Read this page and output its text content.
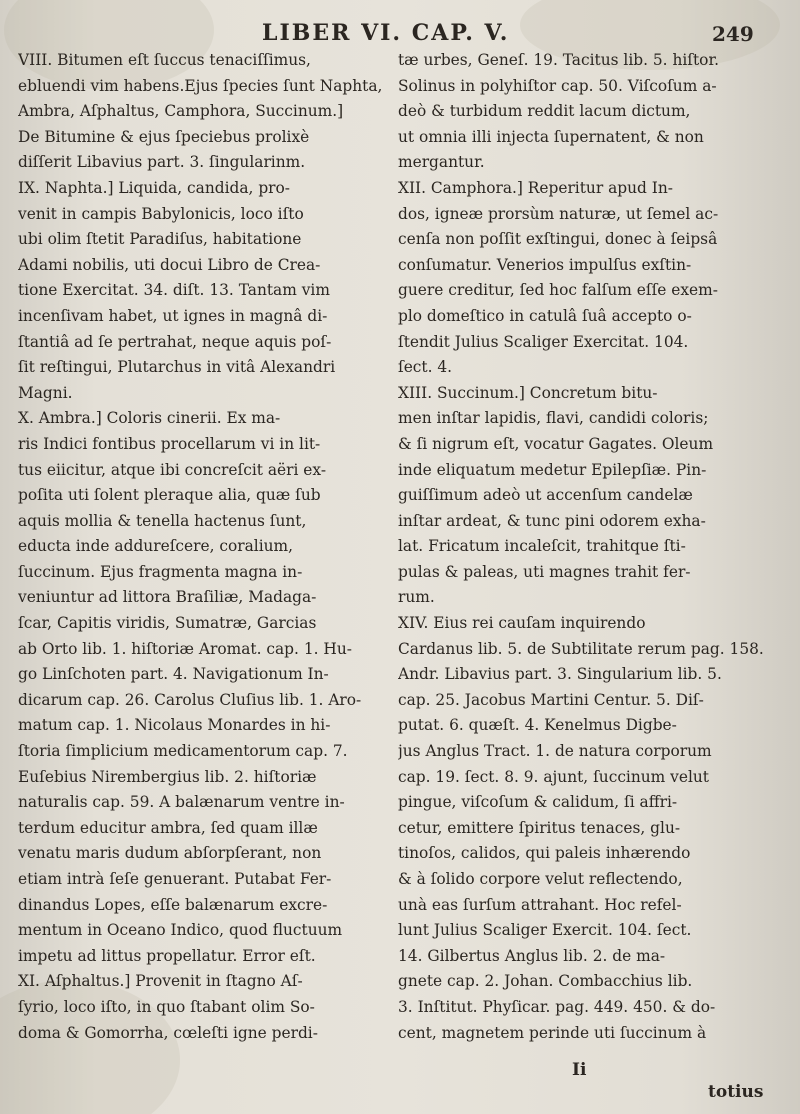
LIBER VI. CAP. V.	249
VIII. Bitumen eſt ſuccus tenaciſſimus,
ebluendi vim habens.Ejus ſpecies ſunt Naphta,
Ambra, Aſphaltus, Camphora, Succinum.]
De Bitumine & ejus ſpeciebus prolixè
diſſerit Libavius part. 3. ſingularinm.
IX. Naphta.] Liquida, candida, pro-
venit in campis Babylonicis, loco iſto
ubi olim ſtetit Paradiſus, habitatione
Adami nobilis, uti docui Libro de Crea-
tione Exercitat. 34. diſt. 13. Tantam vim
incenſivam habet, ut ignes in magnâ di-
ſtantiâ ad ſe pertrahat, neque aquis poſ-
ſit reſtingui, Plutarchus in vitâ Alexandri
Magni.
X. Ambra.] Coloris cinerii. Ex ma-
ris Indici fontibus procellarum vi in lit-
tus eiicitur, atque ibi concreſcit aëri ex-
poſita uti ſolent pleraque alia, quæ ſub
aquis mollia & tenella hactenus ſunt,
educta inde addureſcere, coralium,
ſuccinum. Ejus fragmenta magna in-
veniuntur ad littora Braſiliæ, Madaga-
ſcar, Capitis viridis, Sumatræ, Garcias
ab Orto lib. 1. hiſtoriæ Aromat. cap. 1. Hu-
go Linſchoten part. 4. Navigationum In-
dicarum cap. 26. Carolus Cluſius lib. 1. Aro-
matum cap. 1. Nicolaus Monardes in hi-
ſtoria ſimplicium medicamentorum cap. 7.
Euſebius Nirembergius lib. 2. hiſtoriæ
naturalis cap. 59. A balænarum ventre in-
terdum educitur ambra, ſed quam illæ
venatu maris dudum abſorpſerant, non
etiam intrà ſeſe genuerant. Putabat Fer-
dinandus Lopes, eſſe balænarum excre-
mentum in Oceano Indico, quod fluctuum
impetu ad littus propellatur. Error eſt.
XI. Aſphaltus.] Provenit in ſtagno Aſ-
ſyrio, loco iſto, in quo ſtabant olim So-
doma & Gomorrha, cœleſti igne perdi-
tæ urbes, Geneſ. 19. Tacitus lib. 5. hiſtor.
Solinus in polyhiſtor cap. 50. Viſcoſum a-
deò & turbidum reddit lacum dictum,
ut omnia illi injecta ſupernatent, & non
mergantur.
XII. Camphora.] Reperitur apud In-
dos, igneæ prorsùm naturæ, ut ſemel ac-
cenſa non poſſit exſtingui, donec à ſeipsâ
conſumatur. Venerios impulſus exſtin-
guere creditur, ſed hoc falſum eſſe exem-
plo domeſtico in catulâ ſuâ accepto o-
ſtendit Julius Scaliger Exercitat. 104.
ſect. 4.
XIII. Succinum.] Concretum bitu-
men inſtar lapidis, flavi, candidi coloris;
& ſi nigrum eſt, vocatur Gagates. Oleum
inde eliquatum medetur Epilepſiæ. Pin-
guiſſimum adeò ut accenſum candelæ
inſtar ardeat, & tunc pini odorem exha-
lat. Fricatum incaleſcit, trahitque ſti-
pulas & paleas, uti magnes trahit fer-
rum.
XIV. Eius rei cauſam inquirendo
Cardanus lib. 5. de Subtilitate rerum pag. 158.
Andr. Libavius part. 3. Singularium lib. 5.
cap. 25. Jacobus Martini Centur. 5. Diſ-
putat. 6. quæſt. 4. Kenelmus Digbe-
jus Anglus Tract. 1. de natura corporum
cap. 19. ſect. 8. 9. ajunt, ſuccinum velut
pingue, viſcoſum & calidum, ſi affri-
cetur, emittere ſpiritus tenaces, glu-
tinoſos, calidos, qui paleis inhærendo
& à ſolido corpore velut reflectendo,
unà eas ſurſum attrahant. Hoc refel-
lunt Julius Scaliger Exercit. 104. ſect.
14. Gilbertus Anglus lib. 2. de ma-
gnete cap. 2. Johan. Combacchius lib.
3. Inſtitut. Phyſicar. pag. 449. 450. & do-
cent, magnetem perinde uti ſuccinum à
Ii
totius
